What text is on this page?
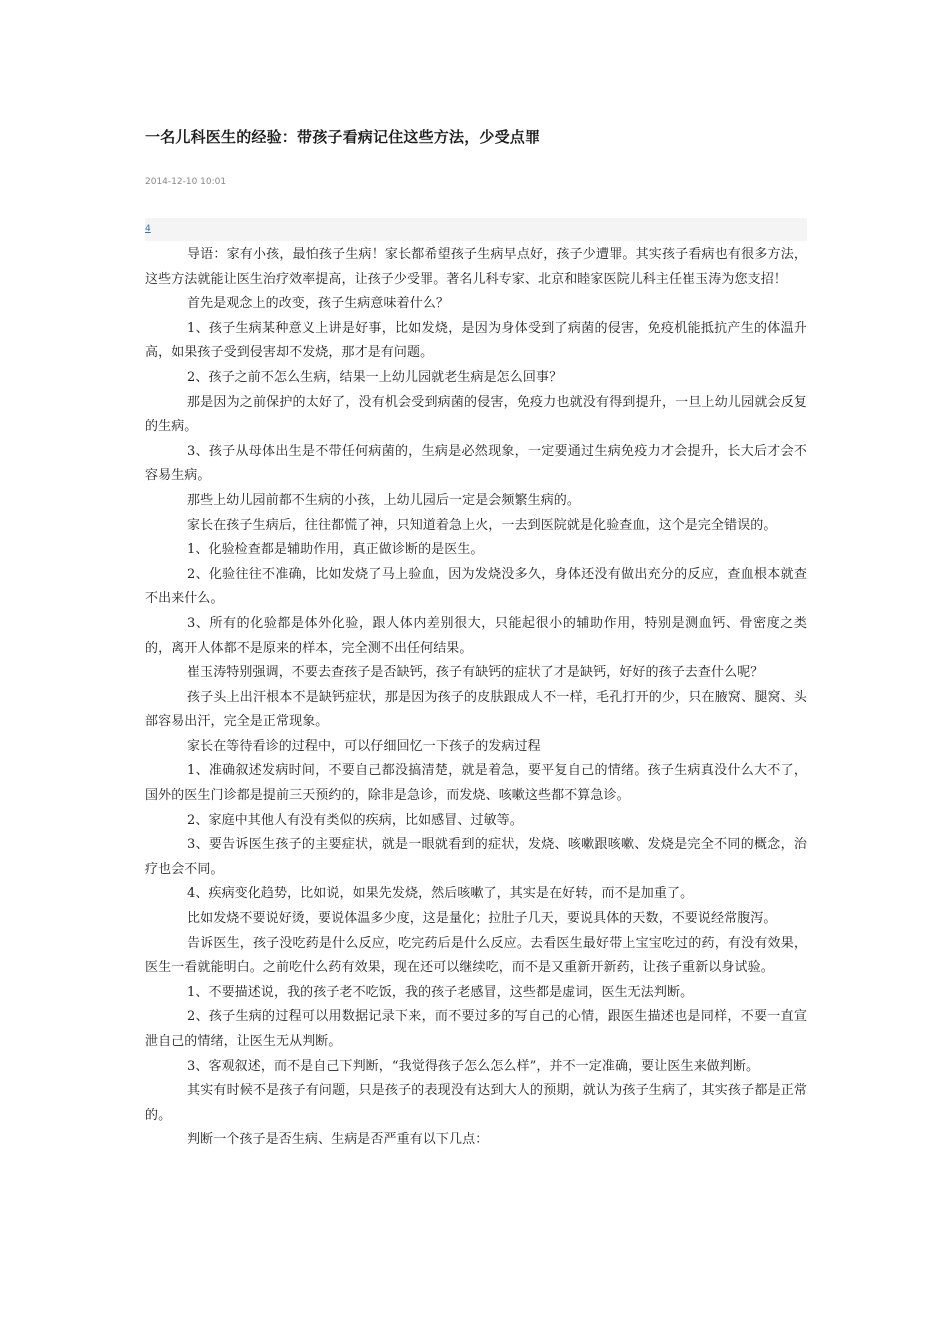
一名儿科医生的经验：带孩子看病记住这些方法，少受点罪
2014-12-10 10:01
4

导语：家有小孩，最怕孩子生病！家长都希望孩子生病早点好，孩子少遭罪。其实孩子看病也有很多方法，这些方法就能让医生治疗效率提高，让孩子少受罪。著名儿科专家、北京和睦家医院儿科主任崔玉涛为您支招！

首先是观念上的改变，孩子生病意味着什么？

1、孩子生病某种意义上讲是好事，比如发烧，是因为身体受到了病菌的侵害，免疫机能抵抗产生的体温升高，如果孩子受到侵害却不发烧，那才是有问题。

2、孩子之前不怎么生病，结果一上幼儿园就老生病是怎么回事？

那是因为之前保护的太好了，没有机会受到病菌的侵害，免疫力也就没有得到提升，一旦上幼儿园就会反复的生病。

3、孩子从母体出生是不带任何病菌的，生病是必然现象，一定要通过生病免疫力才会提升，长大后才会不容易生病。

那些上幼儿园前都不生病的小孩，上幼儿园后一定是会频繁生病的。

家长在孩子生病后，往往都慌了神，只知道着急上火，一去到医院就是化验查血，这个是完全错误的。

1、化验检查都是辅助作用，真正做诊断的是医生。

2、化验往往不准确，比如发烧了马上验血，因为发烧没多久，身体还没有做出充分的反应，查血根本就查不出来什么。

3、所有的化验都是体外化验，跟人体内差别很大，只能起很小的辅助作用，特别是测血钙、骨密度之类的，离开人体都不是原来的样本，完全测不出任何结果。

崔玉涛特别强调，不要去查孩子是否缺钙，孩子有缺钙的症状了才是缺钙，好好的孩子去查什么呢？

孩子头上出汗根本不是缺钙症状，那是因为孩子的皮肤跟成人不一样，毛孔打开的少，只在腋窝、腿窝、头部容易出汗，完全是正常现象。

家长在等待看诊的过程中，可以仔细回忆一下孩子的发病过程

1、准确叙述发病时间，不要自己都没搞清楚，就是着急，要平复自己的情绪。孩子生病真没什么大不了，国外的医生门诊都是提前三天预约的，除非是急诊，而发烧、咳嗽这些都不算急诊。

2、家庭中其他人有没有类似的疾病，比如感冒、过敏等。

3、要告诉医生孩子的主要症状，就是一眼就看到的症状，发烧、咳嗽跟咳嗽、发烧是完全不同的概念，治疗也会不同。

4、疾病变化趋势，比如说，如果先发烧，然后咳嗽了，其实是在好转，而不是加重了。

比如发烧不要说好烫，要说体温多少度，这是量化；拉肚子几天，要说具体的天数，不要说经常腹泻。

告诉医生，孩子没吃药是什么反应，吃完药后是什么反应。去看医生最好带上宝宝吃过的药，有没有效果，医生一看就能明白。之前吃什么药有效果，现在还可以继续吃，而不是又重新开新药，让孩子重新以身试验。

1、不要描述说，我的孩子老不吃饭，我的孩子老感冒，这些都是虚词，医生无法判断。

2、孩子生病的过程可以用数据记录下来，而不要过多的写自己的心情，跟医生描述也是同样，不要一直宣泄自己的情绪，让医生无从判断。

3、客观叙述，而不是自己下判断，“我觉得孩子怎么怎么样”，并不一定准确，要让医生来做判断。

其实有时候不是孩子有问题，只是孩子的表现没有达到大人的预期，就认为孩子生病了，其实孩子都是正常的。

判断一个孩子是否生病、生病是否严重有以下几点：
